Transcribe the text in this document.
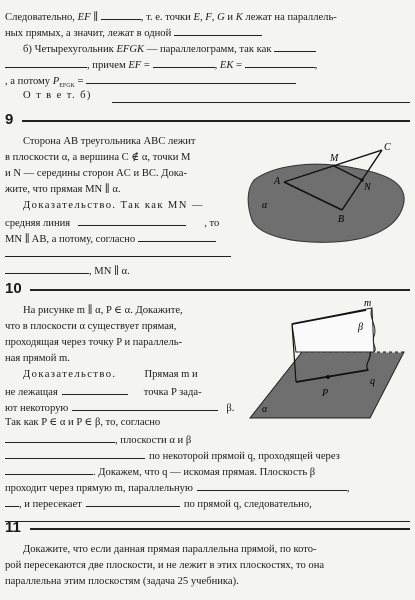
Следовательно, EF ∥	, т. е. точки E, F, G и K лежат на параллель-
ных прямых, а значит, лежат в одной
б) Четырехугольник EFGK — параллелограмм, так как
, причем EF =	, EK =	,
, а потому $P_{EFGK}$ =
О т в е т. б)
9
Сторона AB треугольника ABC лежит
в плоскости α, а вершина C ∉ α, точки M
и N — середины сторон AC и BC. Дока-
жите, что прямая MN ∥ α.
Доказательство. Так как MN —
средняя линия	, то
MN ∥ AB, а потому, согласно
, MN ∥ α.
C
M
A
N
B
α
10
На рисунке m ∥ α, P ∈ α. Докажите,
что в плоскости α существует прямая,
проходящая через точку P и параллель-
ная прямой m.
Доказательство.	Прямая m и
не лежащая	точка P зада-
ют некоторую	β.
Так как P ∈ α и P ∈ β, то, согласно
, плоскости α и β
по некоторой прямой q, проходящей через
. Докажем, что q — искомая прямая. Плоскость β
проходит через прямую m, параллельную	,
, и пересекает	по прямой q, следовательно,
m
β
P
q
α
11
Докажите, что если данная прямая параллельна прямой, по кото-
рой пересекаются две плоскости, и не лежит в этих плоскостях, то она
параллельна этим плоскостям (задача 25 учебника).
